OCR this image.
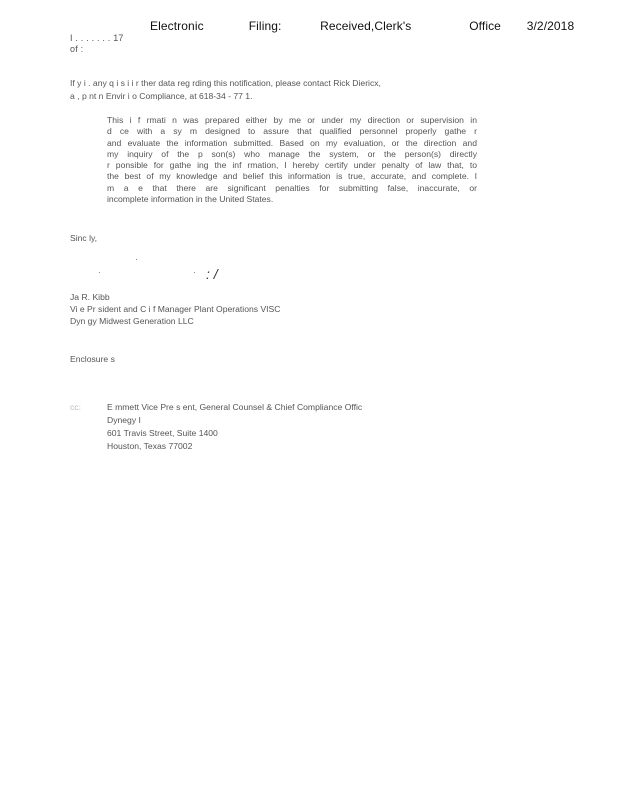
Electronic	Filing:	Received,Clerk's	Office 3/2/2018
I . . . . . . . 17
of :
If y i . any q i s i i r ther data reg rding this notification, please contact Rick Diericx,
a , p nt n Envir i o Compliance, at 618-34 - 77 1.
This i f rmati n was prepared either by me or under my direction or supervision in
d ce with a sy m designed to assure that qualified personnel properly gathe r
and evaluate the information submitted. Based on my evaluation, or the direction and
my inquiry of the p son(s) who manage the system, or the person(s) directly
r ponsible for gathe ing the inf rmation, I hereby certify under penalty of law that, to
the best of my knowledge and belief this information is true, accurate, and complete. I
m a e that there are significant penalties for submitting false, inaccurate, or
incomplete information in the United States.
Sinc ly,
: /
Ja R. Kibb
Vi e Pr sident and C i f Manager Plant Operations VISC
Dyn gy Midwest Generation LLC
Enclosure s
cc:	E mmett Vice Pre s ent, General Counsel & Chief Compliance Offic
Dynegy I
601 Travis Street, Suite 1400
Houston, Texas 77002
